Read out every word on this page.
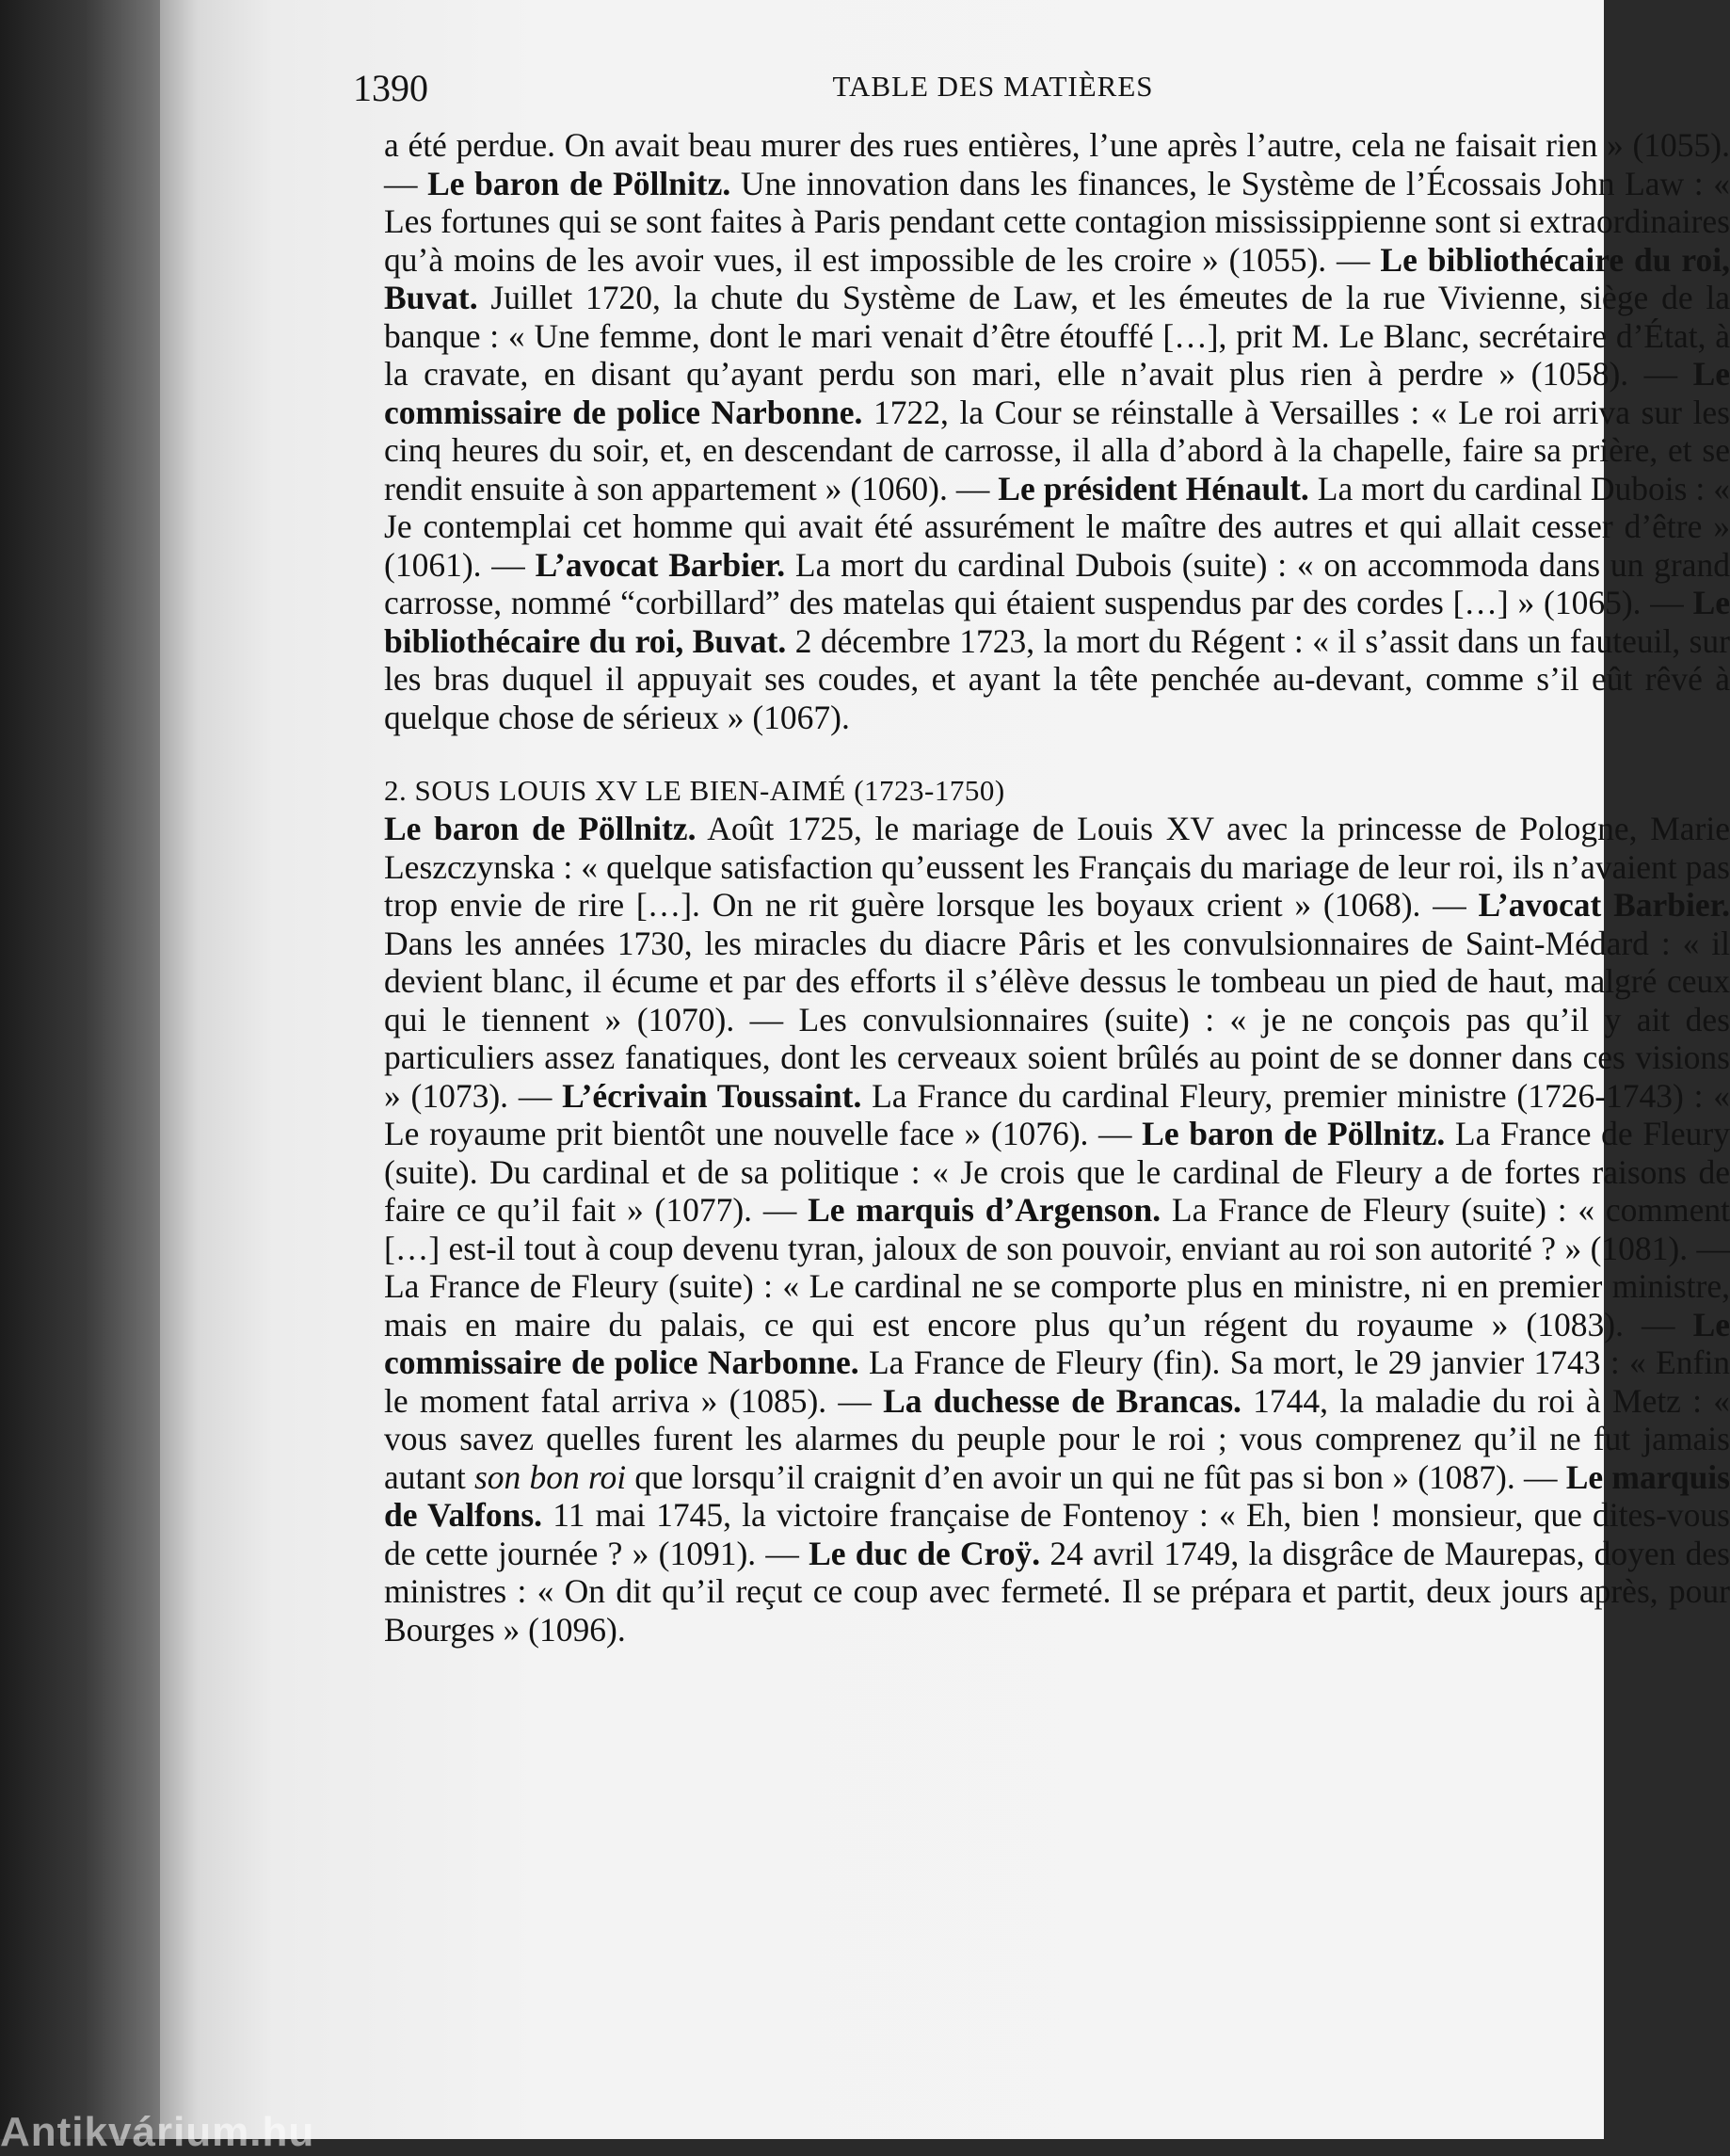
1390	TABLE DES MATIÈRES

a été perdue. On avait beau murer des rues entières, l’une après l’autre, cela ne faisait rien » (1055). — Le baron de Pöllnitz. Une innovation dans les finances, le Système de l’Écossais John Law : « Les fortunes qui se sont faites à Paris pendant cette contagion mississippienne sont si extraordinaires qu’à moins de les avoir vues, il est impossible de les croire » (1055). — Le bibliothécaire du roi, Buvat. Juillet 1720, la chute du Système de Law, et les émeutes de la rue Vivienne, siège de la banque : « Une femme, dont le mari venait d’être étouffé […], prit M. Le Blanc, secrétaire d’État, à la cravate, en disant qu’ayant perdu son mari, elle n’avait plus rien à perdre » (1058). — Le commissaire de police Narbonne. 1722, la Cour se réinstalle à Versailles : « Le roi arriva sur les cinq heures du soir, et, en descendant de carrosse, il alla d’abord à la chapelle, faire sa prière, et se rendit ensuite à son appartement » (1060). — Le président Hénault. La mort du cardinal Dubois : « Je contemplai cet homme qui avait été assurément le maître des autres et qui allait cesser d’être » (1061). — L’avocat Barbier. La mort du cardinal Dubois (suite) : « on accommoda dans un grand carrosse, nommé “corbillard” des matelas qui étaient suspendus par des cordes […] » (1065). — Le bibliothécaire du roi, Buvat. 2 décembre 1723, la mort du Régent : « il s’assit dans un fauteuil, sur les bras duquel il appuyait ses coudes, et ayant la tête penchée au-devant, comme s’il eût rêvé à quelque chose de sérieux » (1067).

2. SOUS LOUIS XV LE BIEN-AIMÉ (1723-1750)

Le baron de Pöllnitz. Août 1725, le mariage de Louis XV avec la princesse de Pologne, Marie Leszczynska : « quelque satisfaction qu’eussent les Français du mariage de leur roi, ils n’avaient pas trop envie de rire […]. On ne rit guère lorsque les boyaux crient » (1068). — L’avocat Barbier. Dans les années 1730, les miracles du diacre Pâris et les convulsionnaires de Saint-Médard : « il devient blanc, il écume et par des efforts il s’élève dessus le tombeau un pied de haut, malgré ceux qui le tiennent » (1070). — Les convulsionnaires (suite) : « je ne conçois pas qu’il y ait des particuliers assez fanatiques, dont les cerveaux soient brûlés au point de se donner dans ces visions » (1073). — L’écrivain Toussaint. La France du cardinal Fleury, premier ministre (1726-1743) : « Le royaume prit bientôt une nouvelle face » (1076). — Le baron de Pöllnitz. La France de Fleury (suite). Du cardinal et de sa politique : « Je crois que le cardinal de Fleury a de fortes raisons de faire ce qu’il fait » (1077). — Le marquis d’Argenson. La France de Fleury (suite) : « comment […] est-il tout à coup devenu tyran, jaloux de son pouvoir, enviant au roi son autorité ? » (1081). — La France de Fleury (suite) : « Le cardinal ne se comporte plus en ministre, ni en premier ministre, mais en maire du palais, ce qui est encore plus qu’un régent du royaume » (1083). — Le commissaire de police Narbonne. La France de Fleury (fin). Sa mort, le 29 janvier 1743 : « Enfin le moment fatal arriva » (1085). — La duchesse de Brancas. 1744, la maladie du roi à Metz : « vous savez quelles furent les alarmes du peuple pour le roi ; vous comprenez qu’il ne fut jamais autant son bon roi que lorsqu’il craignit d’en avoir un qui ne fût pas si bon » (1087). — Le marquis de Valfons. 11 mai 1745, la victoire française de Fontenoy : « Eh, bien ! monsieur, que dites-vous de cette journée ? » (1091). — Le duc de Croÿ. 24 avril 1749, la disgrâce de Maurepas, doyen des ministres : « On dit qu’il reçut ce coup avec fermeté. Il se prépara et partit, deux jours après, pour Bourges » (1096).

Antikvárium.hu
